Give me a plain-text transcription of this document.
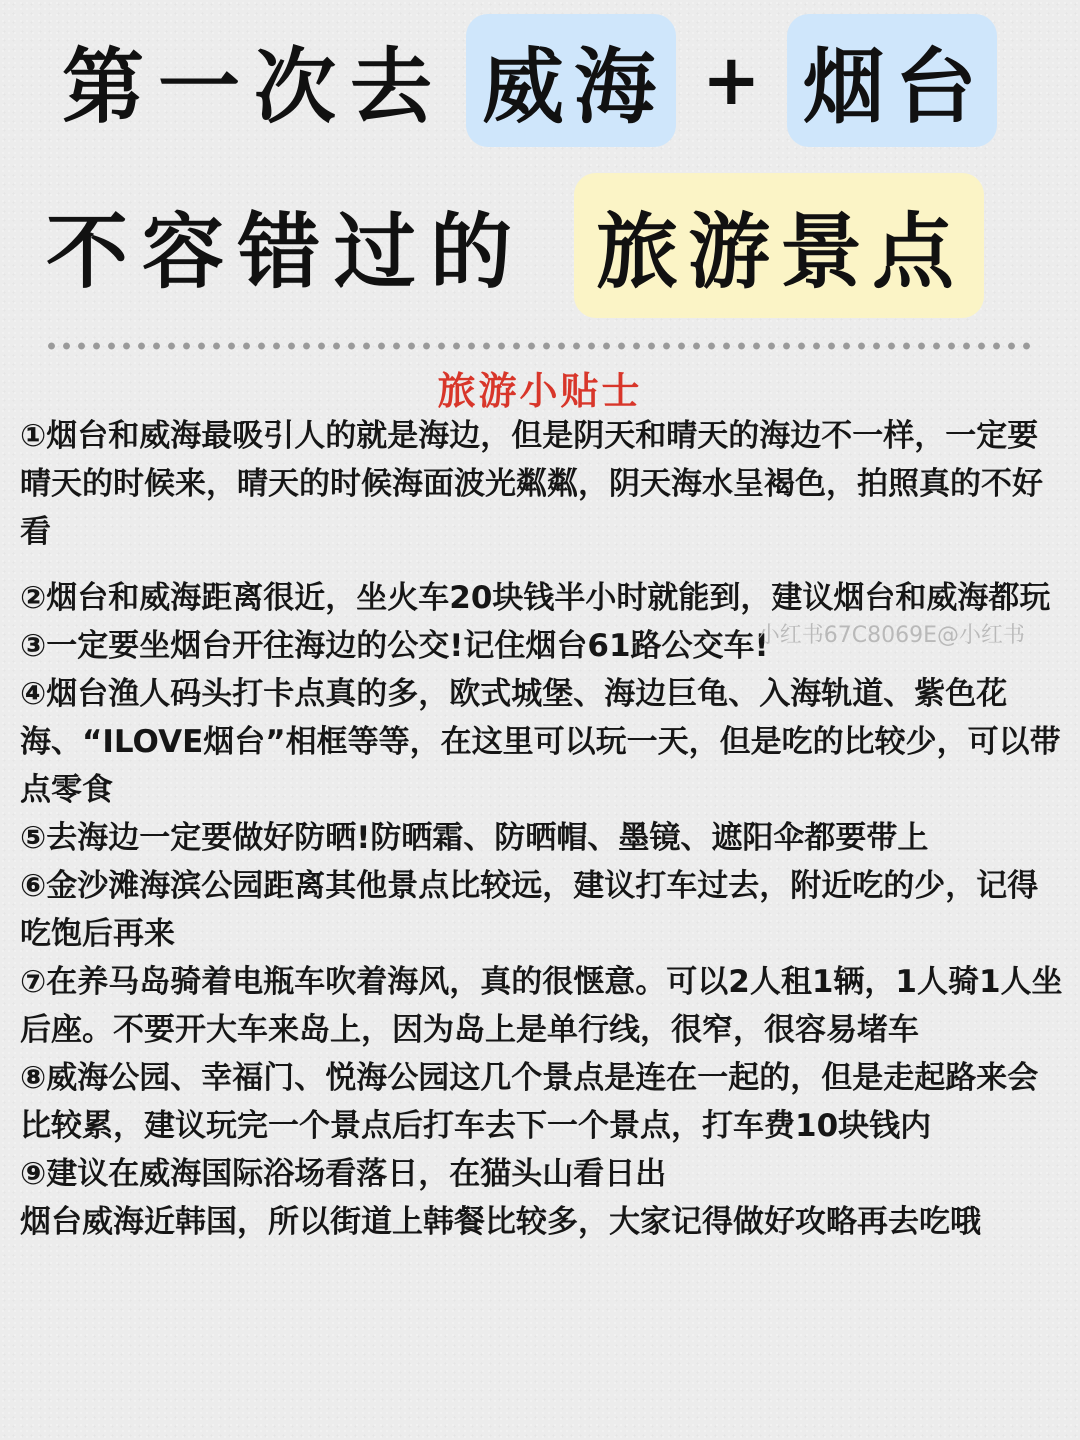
第一次去 威海 + 烟台
不容错过的 旅游景点
旅游小贴士

①烟台和威海最吸引人的就是海边，但是阴天和晴天的海边不一样，一定要晴天的时候来，晴天的时候海面波光粼粼，阴天海水呈褐色，拍照真的不好看

②烟台和威海距离很近，坐火车20块钱半小时就能到，建议烟台和威海都玩

③一定要坐烟台开往海边的公交!记住烟台61路公交车!

④烟台渔人码头打卡点真的多，欧式城堡、海边巨龟、入海轨道、紫色花海、“ILOVE烟台”相框等等，在这里可以玩一天，但是吃的比较少，可以带点零食

⑤去海边一定要做好防晒!防晒霜、防晒帽、墨镜、遮阳伞都要带上

⑥金沙滩海滨公园距离其他景点比较远，建议打车过去，附近吃的少，记得吃饱后再来

⑦在养马岛骑着电瓶车吹着海风，真的很惬意。可以2人租1辆，1人骑1人坐后座。不要开大车来岛上，因为岛上是单行线，很窄，很容易堵车

⑧威海公园、幸福门、悦海公园这几个景点是连在一起的，但是走起路来会比较累，建议玩完一个景点后打车去下一个景点，打车费10块钱内

⑨建议在威海国际浴场看落日，在猫头山看日出

烟台威海近韩国，所以街道上韩餐比较多，大家记得做好攻略再去吃哦

小红书67C8069E@小红书
